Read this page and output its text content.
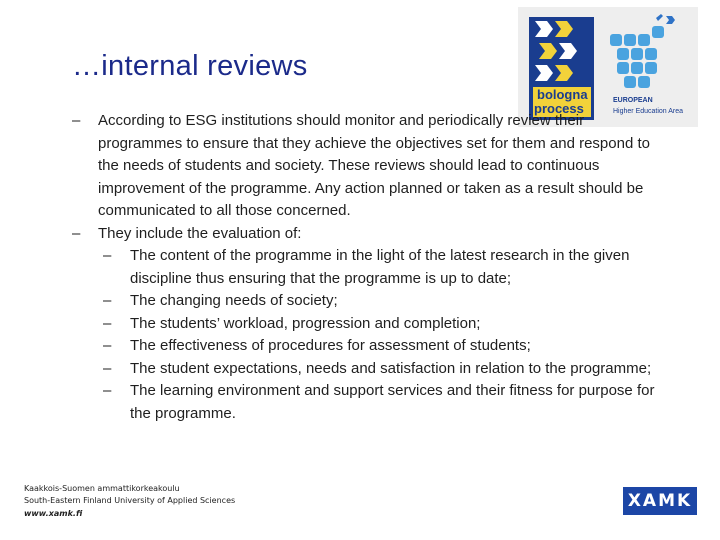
…internal reviews
bologna
process
EUROPEAN
Higher Education Area
– According to ESG institutions should monitor and periodically review their programmes to ensure that they achieve the objectives set for them and respond to the needs of students and society. These reviews should lead to continuous improvement of the programme. Any action planned or taken as a result should be communicated to all those concerned.
– They include the evaluation of:
– The content of the programme in the light of the latest research in the given discipline thus ensuring that the programme is up to date;
– The changing needs of society;
– The students’ workload, progression and completion;
– The effectiveness of procedures for assessment of students;
– The student expectations, needs and satisfaction in relation to the programme;
– The learning environment and support services and their fitness for purpose for the programme.
Kaakkois-Suomen ammattikorkeakoulu
South-Eastern Finland University of Applied Sciences
www.xamk.fi
XAMK
